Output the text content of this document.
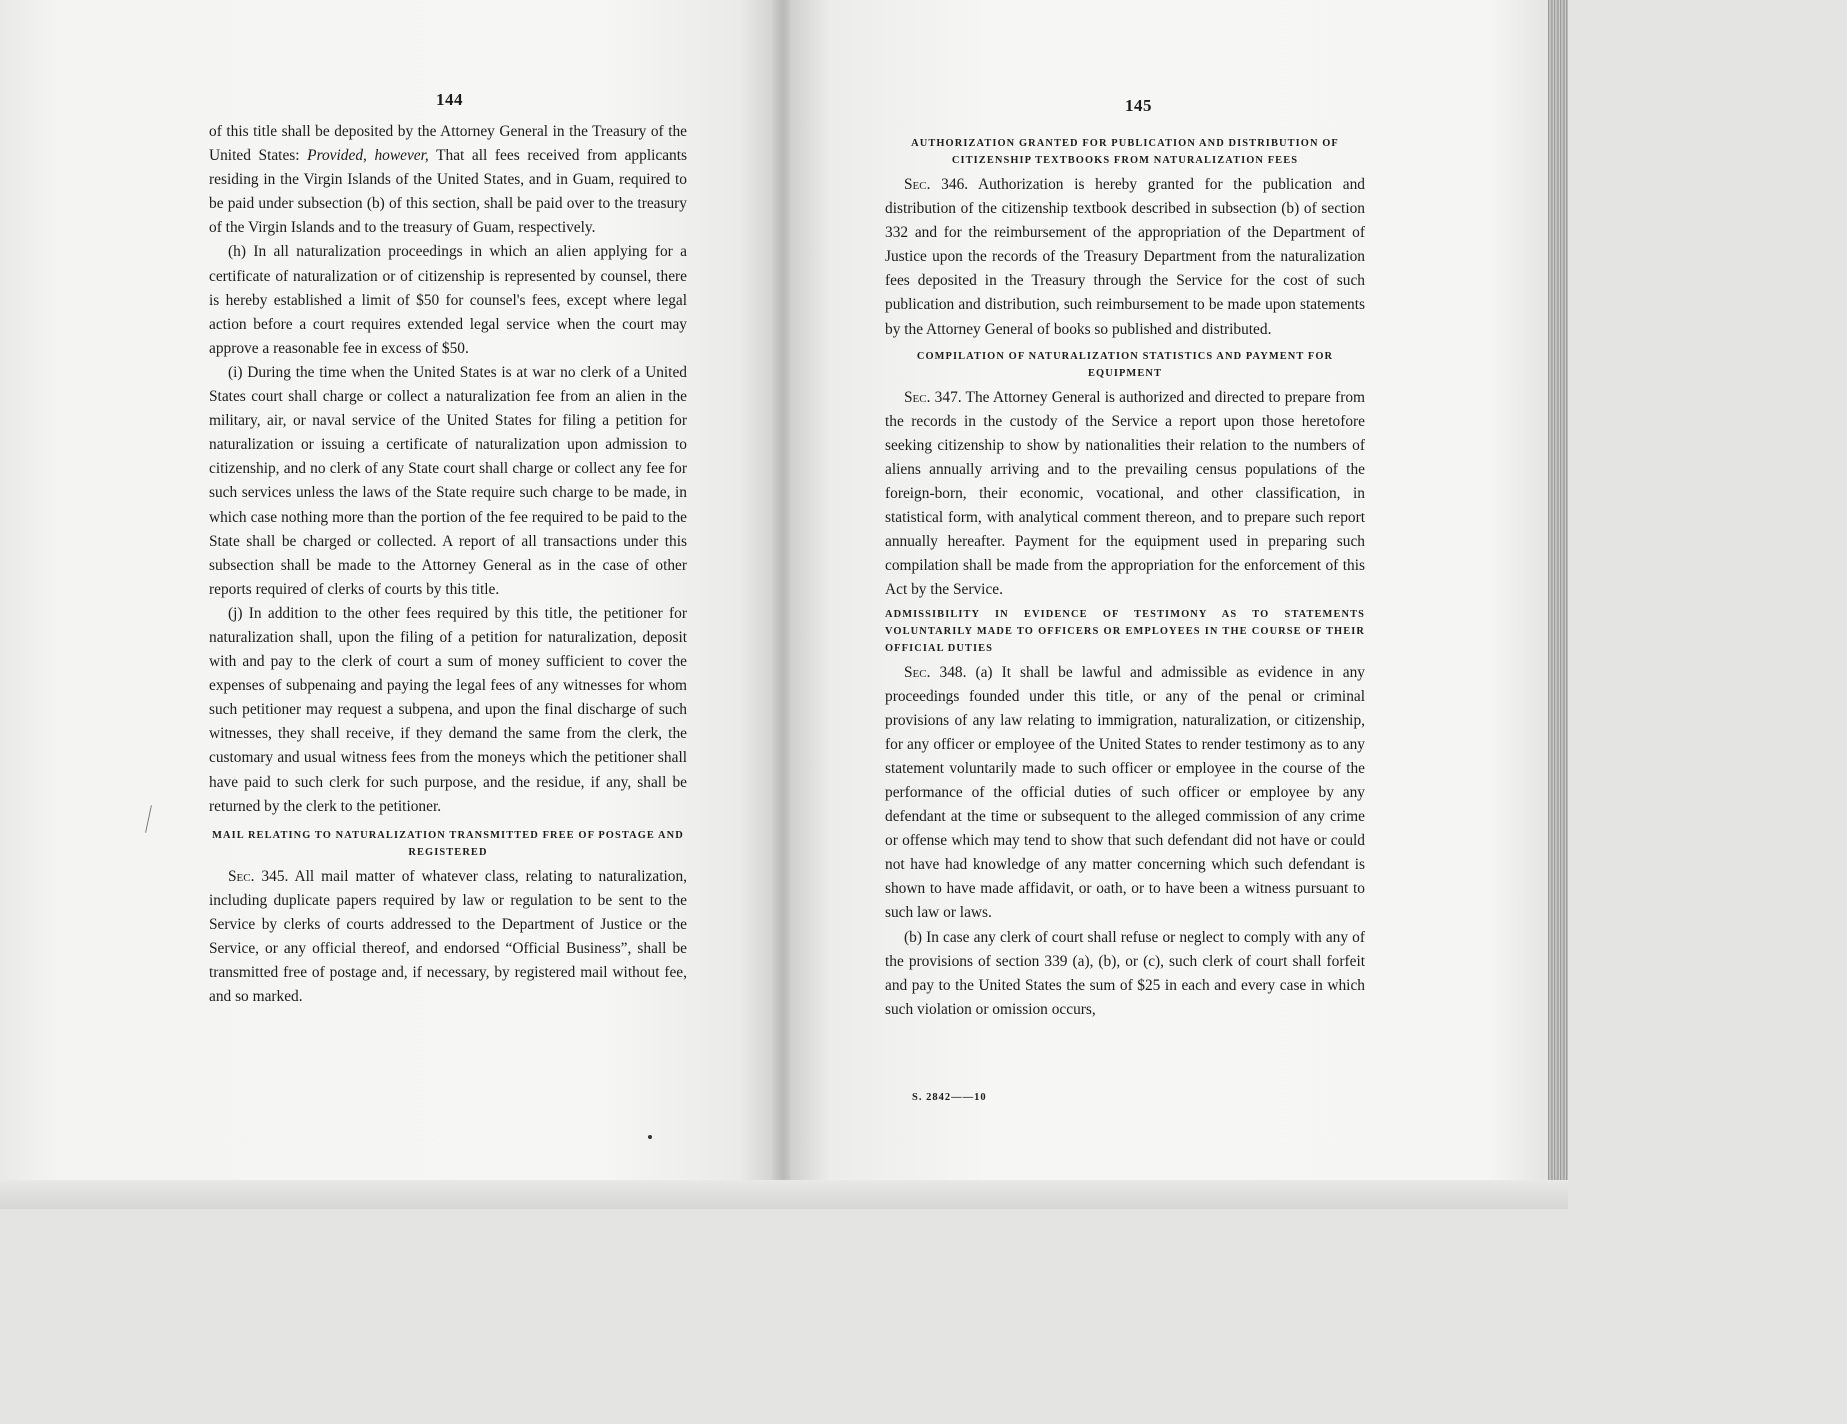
144

of this title shall be deposited by the Attorney General in the Treasury of the United States: Provided, however, That all fees received from applicants residing in the Virgin Islands of the United States, and in Guam, required to be paid under subsection (b) of this section, shall be paid over to the treasury of the Virgin Islands and to the treasury of Guam, respectively.

(h) In all naturalization proceedings in which an alien applying for a certificate of naturalization or of citizenship is represented by counsel, there is hereby established a limit of $50 for counsel's fees, except where legal action before a court requires extended legal service when the court may approve a reasonable fee in excess of $50.

(i) During the time when the United States is at war no clerk of a United States court shall charge or collect a naturalization fee from an alien in the military, air, or naval service of the United States for filing a petition for naturalization or issuing a certificate of naturalization upon admission to citizenship, and no clerk of any State court shall charge or collect any fee for such services unless the laws of the State require such charge to be made, in which case nothing more than the portion of the fee required to be paid to the State shall be charged or collected. A report of all transactions under this subsection shall be made to the Attorney General as in the case of other reports required of clerks of courts by this title.

(j) In addition to the other fees required by this title, the petitioner for naturalization shall, upon the filing of a petition for naturalization, deposit with and pay to the clerk of court a sum of money sufficient to cover the expenses of subpenaing and paying the legal fees of any witnesses for whom such petitioner may request a subpena, and upon the final discharge of such witnesses, they shall receive, if they demand the same from the clerk, the customary and usual witness fees from the moneys which the petitioner shall have paid to such clerk for such purpose, and the residue, if any, shall be returned by the clerk to the petitioner.

MAIL RELATING TO NATURALIZATION TRANSMITTED FREE OF POSTAGE AND REGISTERED

Sec. 345. All mail matter of whatever class, relating to naturalization, including duplicate papers required by law or regulation to be sent to the Service by clerks of courts addressed to the Department of Justice or the Service, or any official thereof, and endorsed “Official Business”, shall be transmitted free of postage and, if necessary, by registered mail without fee, and so marked.

145
AUTHORIZATION GRANTED FOR PUBLICATION AND DISTRIBUTION OF CITIZENSHIP TEXTBOOKS FROM NATURALIZATION FEES

Sec. 346. Authorization is hereby granted for the publication and distribution of the citizenship textbook described in subsection (b) of section 332 and for the reimbursement of the appropriation of the Department of Justice upon the records of the Treasury Department from the naturalization fees deposited in the Treasury through the Service for the cost of such publication and distribution, such reimbursement to be made upon statements by the Attorney General of books so published and distributed.

COMPILATION OF NATURALIZATION STATISTICS AND PAYMENT FOR EQUIPMENT

Sec. 347. The Attorney General is authorized and directed to prepare from the records in the custody of the Service a report upon those heretofore seeking citizenship to show by nationalities their relation to the numbers of aliens annually arriving and to the prevailing census populations of the foreign-born, their economic, vocational, and other classification, in statistical form, with analytical comment thereon, and to prepare such report annually hereafter. Payment for the equipment used in preparing such compilation shall be made from the appropriation for the enforcement of this Act by the Service.

ADMISSIBILITY IN EVIDENCE OF TESTIMONY AS TO STATEMENTS VOLUNTARILY MADE TO OFFICERS OR EMPLOYEES IN THE COURSE OF THEIR OFFICIAL DUTIES

Sec. 348. (a) It shall be lawful and admissible as evidence in any proceedings founded under this title, or any of the penal or criminal provisions of any law relating to immigration, naturalization, or citizenship, for any officer or employee of the United States to render testimony as to any statement voluntarily made to such officer or employee in the course of the performance of the official duties of such officer or employee by any defendant at the time or subsequent to the alleged commission of any crime or offense which may tend to show that such defendant did not have or could not have had knowledge of any matter concerning which such defendant is shown to have made affidavit, or oath, or to have been a witness pursuant to such law or laws.

(b) In case any clerk of court shall refuse or neglect to comply with any of the provisions of section 339 (a), (b), or (c), such clerk of court shall forfeit and pay to the United States the sum of $25 in each and every case in which such violation or omission occurs,

S. 2842——10
